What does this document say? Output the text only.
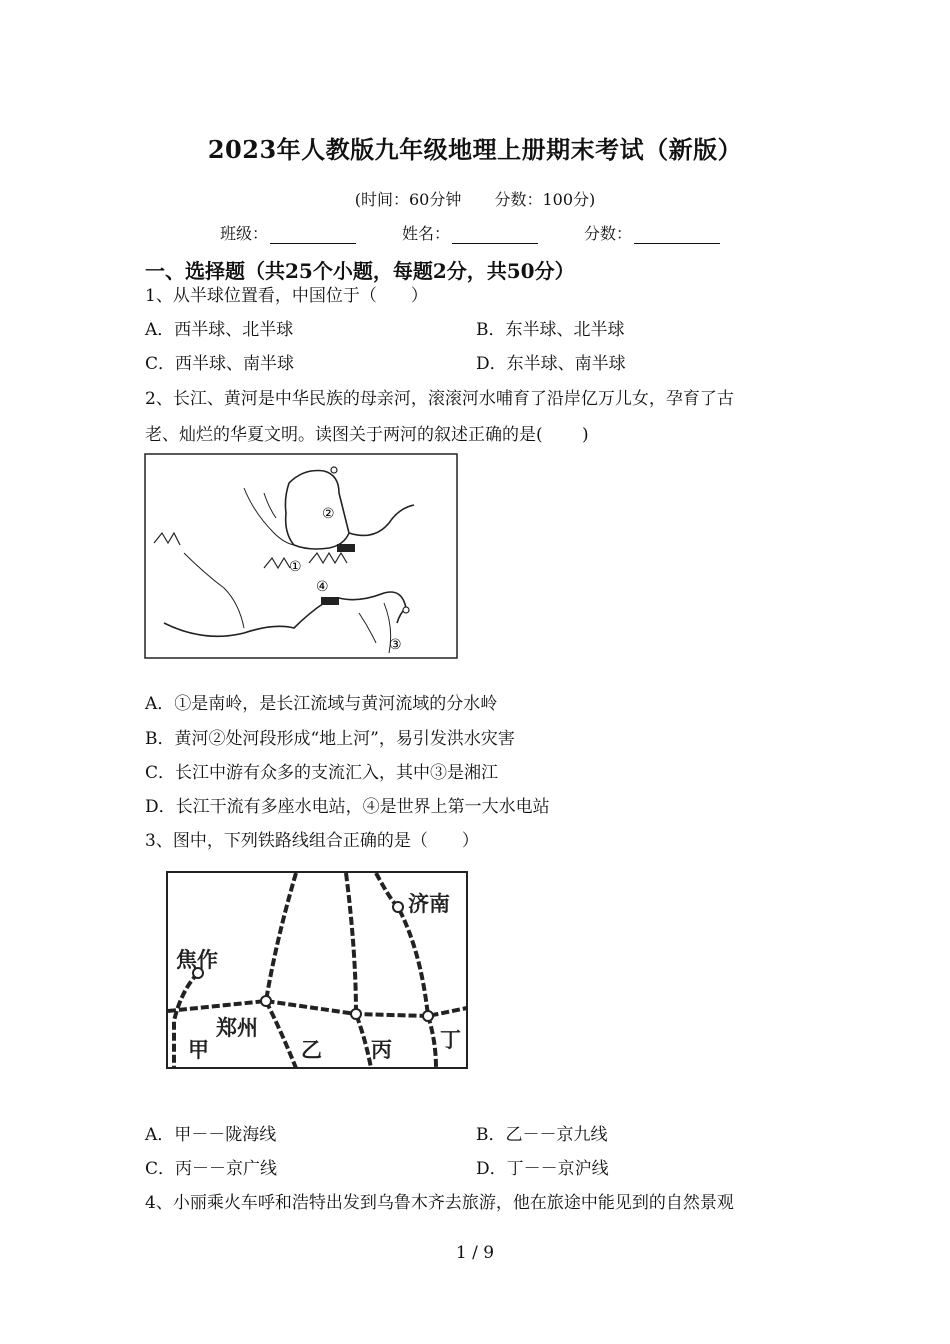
2023年人教版九年级地理上册期末考试（新版）
(时间：60分钟 分数：100分)
班级：	姓名：	分数：
一、选择题（共25个小题，每题2分，共50分）
1、从半球位置看，中国位于（　　）
A．西半球、北半球	B．东半球、北半球
C．西半球、南半球	D．东半球、南半球
2、长江、黄河是中华民族的母亲河，滚滚河水哺育了沿岸亿万儿女，孕育了古
老、灿烂的华夏文明。读图关于两河的叙述正确的是(　　 )
②
①
④
③
A．①是南岭，是长江流域与黄河流域的分水岭
B．黄河②处河段形成“地上河”，易引发洪水灾害
C．长江中游有众多的支流汇入，其中③是湘江
D．长江干流有多座水电站，④是世界上第一大水电站
3、图中，下列铁路线组合正确的是（　　）
济南
焦作
郑州
甲	乙 丙 丁
A．甲－－陇海线	B．乙－－京九线
C．丙－－京广线	D．丁－－京沪线
4、小丽乘火车呼和浩特出发到乌鲁木齐去旅游，他在旅途中能见到的自然景观
1 / 9
